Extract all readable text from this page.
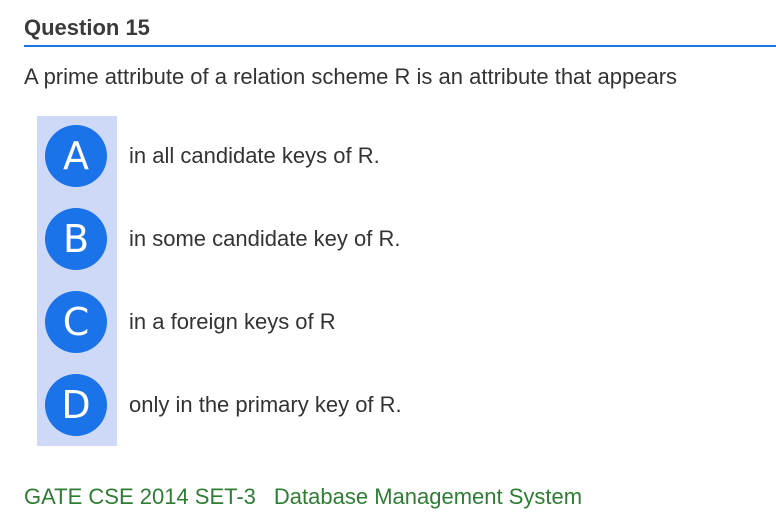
Question 15
A prime attribute of a relation scheme R is an attribute that appears
A	in all candidate keys of R.
B	in some candidate key of R.
C	in a foreign keys of R
D	only in the primary key of R.
GATE CSE 2014 SET-3 Database Management System
